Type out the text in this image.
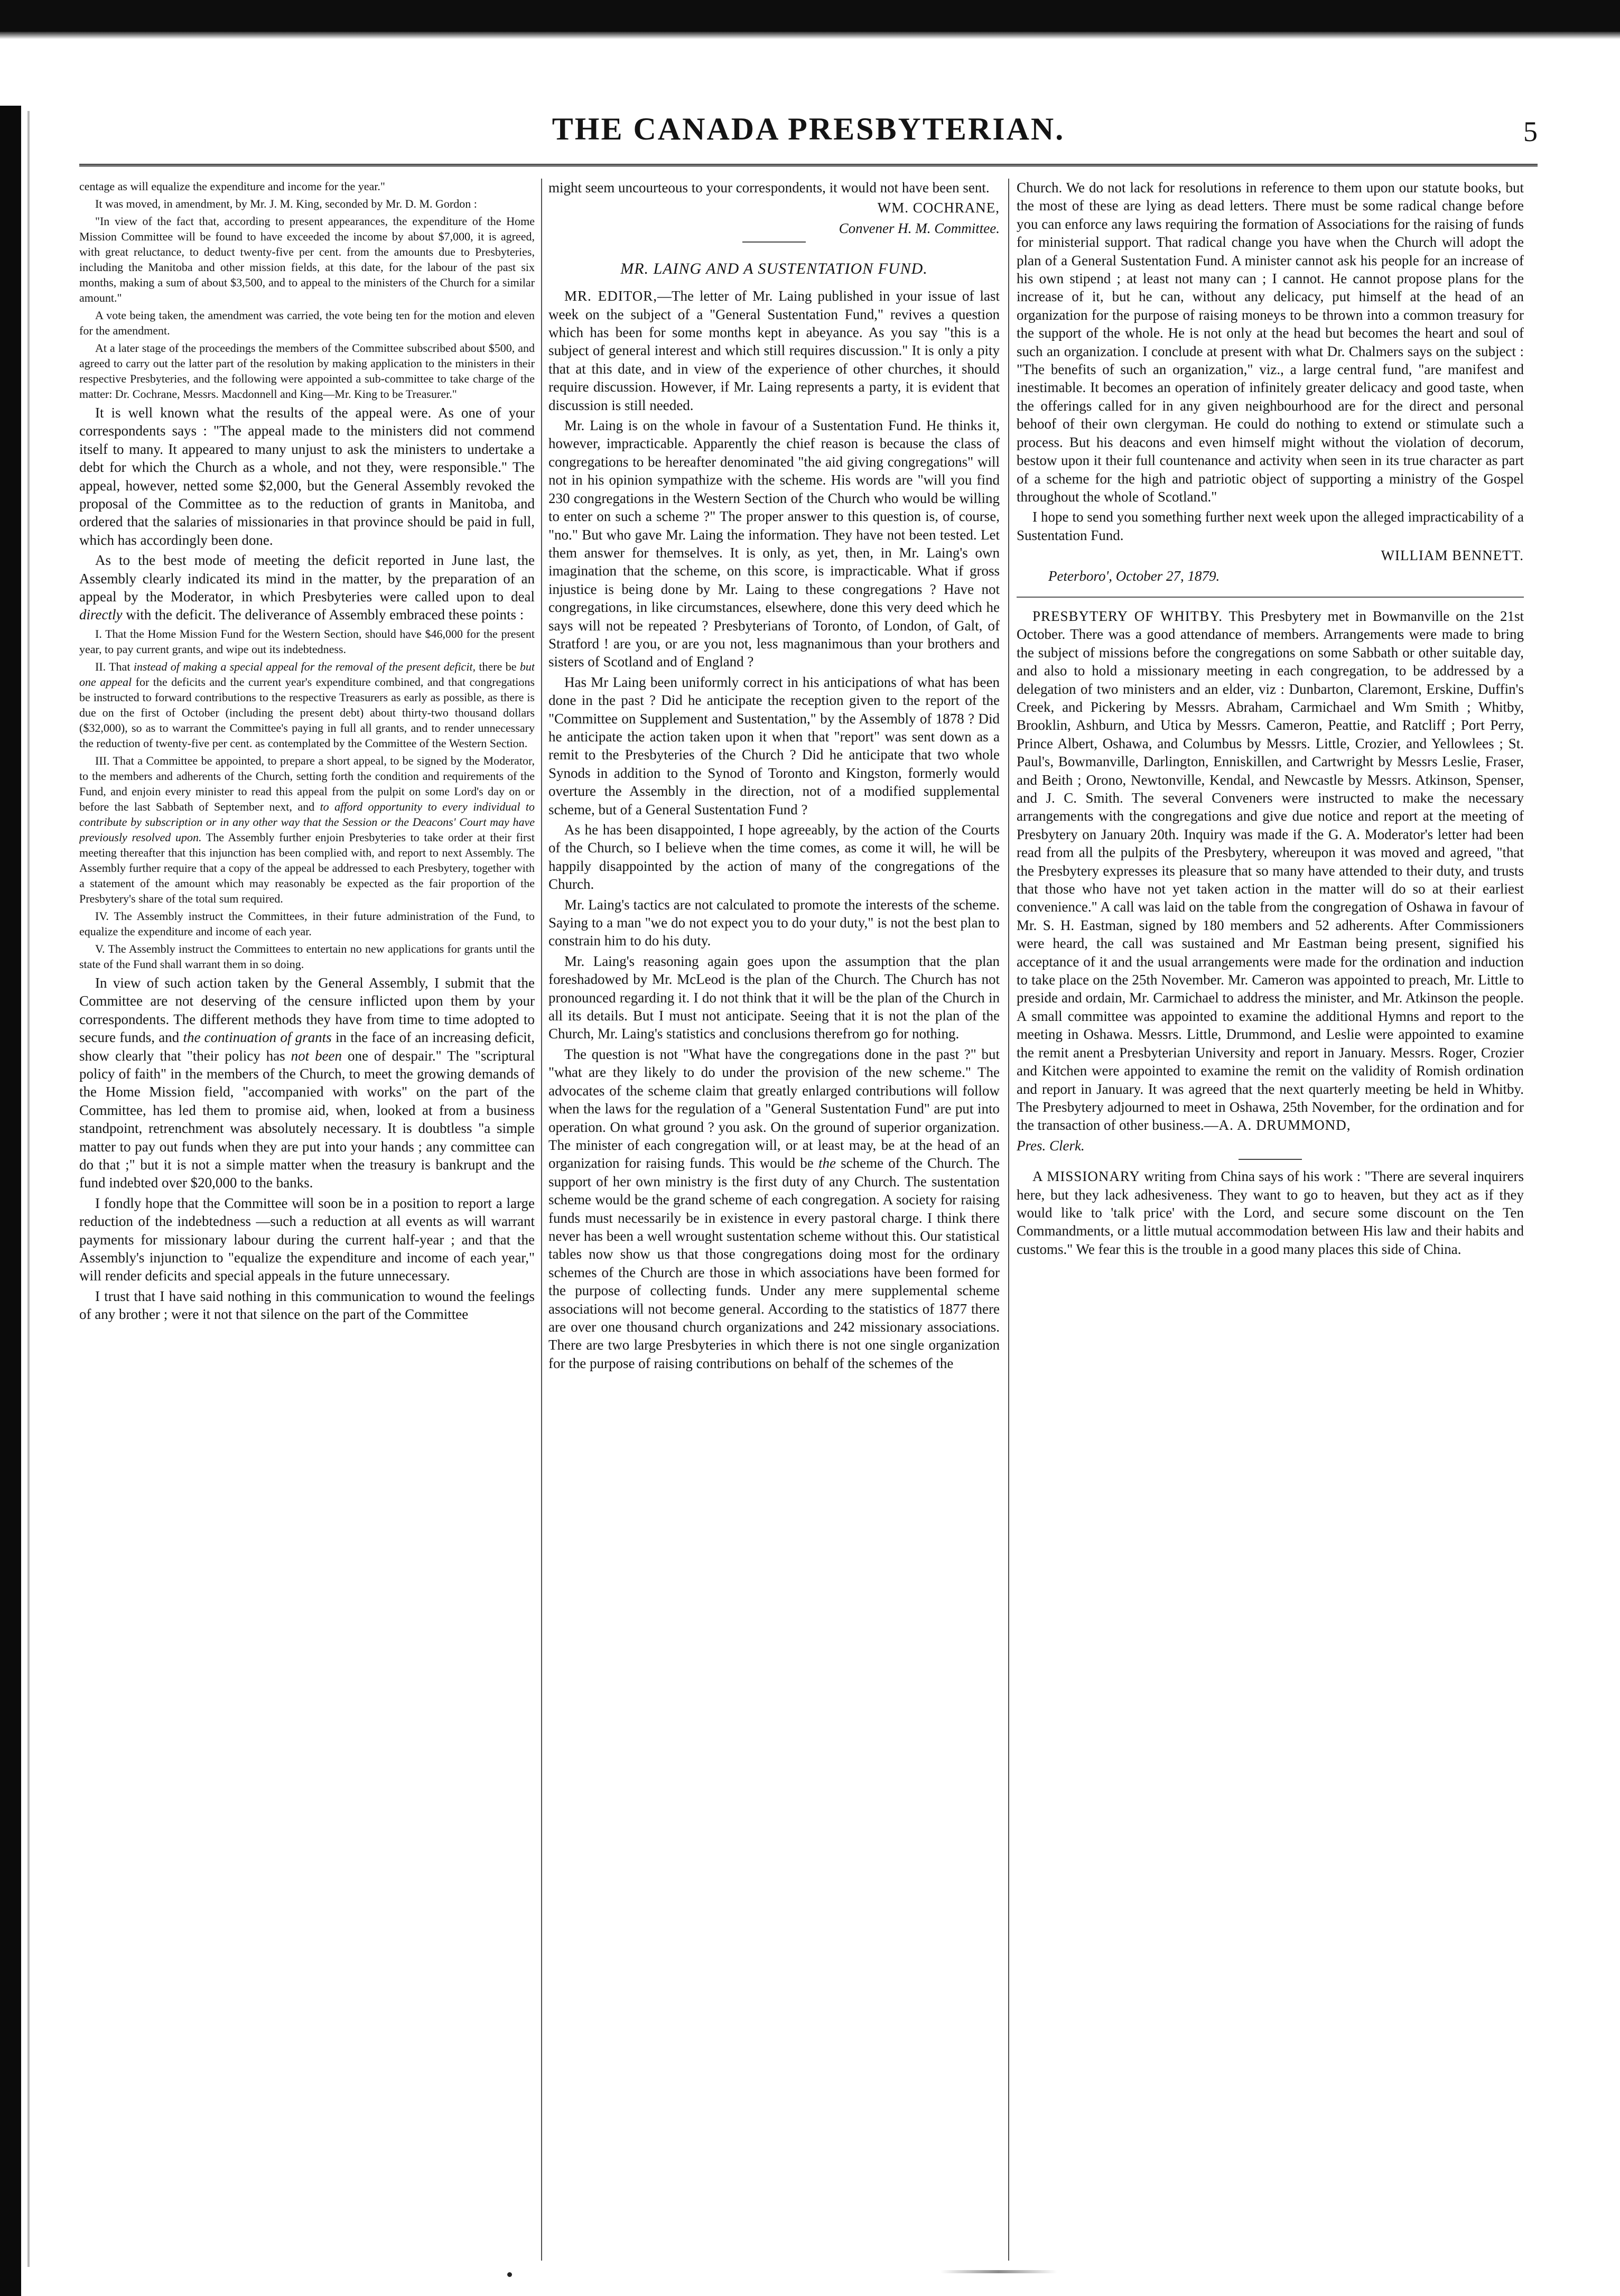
THE CANADA PRESBYTERIAN.	5

centage as will equalize the expenditure and income for the year."

It was moved, in amendment, by Mr. J. M. King, seconded by Mr. D. M. Gordon :

"In view of the fact that, according to present appearances, the expenditure of the Home Mission Committee will be found to have exceeded the income by about $7,000, it is agreed, with great reluctance, to deduct twenty-five per cent. from the amounts due to Presbyteries, including the Manitoba and other mission fields, at this date, for the labour of the past six months, making a sum of about $3,500, and to appeal to the ministers of the Church for a similar amount."

A vote being taken, the amendment was carried, the vote being ten for the motion and eleven for the amendment.

At a later stage of the proceedings the members of the Committee subscribed about $500, and agreed to carry out the latter part of the resolution by making application to the ministers in their respective Presbyteries, and the following were appointed a sub-committee to take charge of the matter: Dr. Cochrane, Messrs. Macdonnell and King—Mr. King to be Treasurer."

It is well known what the results of the appeal were. As one of your correspondents says : "The appeal made to the ministers did not commend itself to many. It appeared to many unjust to ask the ministers to undertake a debt for which the Church as a whole, and not they, were responsible." The appeal, however, netted some $2,000, but the General Assembly revoked the proposal of the Committee as to the reduction of grants in Manitoba, and ordered that the salaries of missionaries in that province should be paid in full, which has accordingly been done.

As to the best mode of meeting the deficit reported in June last, the Assembly clearly indicated its mind in the matter, by the preparation of an appeal by the Moderator, in which Presbyteries were called upon to deal directly with the deficit. The deliverance of Assembly embraced these points :

I. That the Home Mission Fund for the Western Section, should have $46,000 for the present year, to pay current grants, and wipe out its indebtedness.

II. That instead of making a special appeal for the removal of the present deficit, there be but one appeal for the deficits and the current year's expenditure combined, and that congregations be instructed to forward contributions to the respective Treasurers as early as possible, as there is due on the first of October (including the present debt) about thirty-two thousand dollars ($32,000), so as to warrant the Committee's paying in full all grants, and to render unnecessary the reduction of twenty-five per cent. as contemplated by the Committee of the Western Section.

III. That a Committee be appointed, to prepare a short appeal, to be signed by the Moderator, to the members and adherents of the Church, setting forth the condition and requirements of the Fund, and enjoin every minister to read this appeal from the pulpit on some Lord's day on or before the last Sabbath of September next, and to afford opportunity to every individual to contribute by subscription or in any other way that the Session or the Deacons' Court may have previously resolved upon. The Assembly further enjoin Presbyteries to take order at their first meeting thereafter that this injunction has been complied with, and report to next Assembly. The Assembly further require that a copy of the appeal be addressed to each Presbytery, together with a statement of the amount which may reasonably be expected as the fair proportion of the Presbytery's share of the total sum required.

IV. The Assembly instruct the Committees, in their future administration of the Fund, to equalize the expenditure and income of each year.

V. The Assembly instruct the Committees to entertain no new applications for grants until the state of the Fund shall warrant them in so doing.

In view of such action taken by the General Assembly, I submit that the Committee are not deserving of the censure inflicted upon them by your correspondents. The different methods they have from time to time adopted to secure funds, and the continuation of grants in the face of an increasing deficit, show clearly that "their policy has not been one of despair." The "scriptural policy of faith" in the members of the Church, to meet the growing demands of the Home Mission field, "accompanied with works" on the part of the Committee, has led them to promise aid, when, looked at from a business standpoint, retrenchment was absolutely necessary. It is doubtless "a simple matter to pay out funds when they are put into your hands ; any committee can do that ;" but it is not a simple matter when the treasury is bankrupt and the fund indebted over $20,000 to the banks.

I fondly hope that the Committee will soon be in a position to report a large reduction of the indebtedness —such a reduction at all events as will warrant payments for missionary labour during the current half-year ; and that the Assembly's injunction to "equalize the expenditure and income of each year," will render deficits and special appeals in the future unnecessary.

I trust that I have said nothing in this communication to wound the feelings of any brother ; were it not that silence on the part of the Committee

might seem uncourteous to your correspondents, it would not have been sent.

WM. COCHRANE,

Convener H. M. Committee.

MR. LAING AND A SUSTENTATION FUND.

MR. EDITOR,—The letter of Mr. Laing published in your issue of last week on the subject of a "General Sustentation Fund," revives a question which has been for some months kept in abeyance. As you say "this is a subject of general interest and which still requires discussion." It is only a pity that at this date, and in view of the experience of other churches, it should require discussion. However, if Mr. Laing represents a party, it is evident that discussion is still needed.

Mr. Laing is on the whole in favour of a Sustentation Fund. He thinks it, however, impracticable. Apparently the chief reason is because the class of congregations to be hereafter denominated "the aid giving congregations" will not in his opinion sympathize with the scheme. His words are "will you find 230 congregations in the Western Section of the Church who would be willing to enter on such a scheme ?" The proper answer to this question is, of course, "no." But who gave Mr. Laing the information. They have not been tested. Let them answer for themselves. It is only, as yet, then, in Mr. Laing's own imagination that the scheme, on this score, is impracticable. What if gross injustice is being done by Mr. Laing to these congregations ? Have not congregations, in like circumstances, elsewhere, done this very deed which he says will not be repeated ? Presbyterians of Toronto, of London, of Galt, of Stratford ! are you, or are you not, less magnanimous than your brothers and sisters of Scotland and of England ?

Has Mr Laing been uniformly correct in his anticipations of what has been done in the past ? Did he anticipate the reception given to the report of the "Committee on Supplement and Sustentation," by the Assembly of 1878 ? Did he anticipate the action taken upon it when that "report" was sent down as a remit to the Presbyteries of the Church ? Did he anticipate that two whole Synods in addition to the Synod of Toronto and Kingston, formerly would overture the Assembly in the direction, not of a modified supplemental scheme, but of a General Sustentation Fund ?

As he has been disappointed, I hope agreeably, by the action of the Courts of the Church, so I believe when the time comes, as come it will, he will be happily disappointed by the action of many of the congregations of the Church.

Mr. Laing's tactics are not calculated to promote the interests of the scheme. Saying to a man "we do not expect you to do your duty," is not the best plan to constrain him to do his duty.

Mr. Laing's reasoning again goes upon the assumption that the plan foreshadowed by Mr. McLeod is the plan of the Church. The Church has not pronounced regarding it. I do not think that it will be the plan of the Church in all its details. But I must not anticipate. Seeing that it is not the plan of the Church, Mr. Laing's statistics and conclusions therefrom go for nothing.

The question is not "What have the congregations done in the past ?" but "what are they likely to do under the provision of the new scheme." The advocates of the scheme claim that greatly enlarged contributions will follow when the laws for the regulation of a "General Sustentation Fund" are put into operation. On what ground ? you ask. On the ground of superior organization. The minister of each congregation will, or at least may, be at the head of an organization for raising funds. This would be the scheme of the Church. The support of her own ministry is the first duty of any Church. The sustentation scheme would be the grand scheme of each congregation. A society for raising funds must necessarily be in existence in every pastoral charge. I think there never has been a well wrought sustentation scheme without this. Our statistical tables now show us that those congregations doing most for the ordinary schemes of the Church are those in which associations have been formed for the purpose of collecting funds. Under any mere supplemental scheme associations will not become general. According to the statistics of 1877 there are over one thousand church organizations and 242 missionary associations. There are two large Presbyteries in which there is not one single organization for the purpose of raising contributions on behalf of the schemes of the

Church. We do not lack for resolutions in reference to them upon our statute books, but the most of these are lying as dead letters. There must be some radical change before you can enforce any laws requiring the formation of Associations for the raising of funds for ministerial support. That radical change you have when the Church will adopt the plan of a General Sustentation Fund. A minister cannot ask his people for an increase of his own stipend ; at least not many can ; I cannot. He cannot propose plans for the increase of it, but he can, without any delicacy, put himself at the head of an organization for the purpose of raising moneys to be thrown into a common treasury for the support of the whole. He is not only at the head but becomes the heart and soul of such an organization. I conclude at present with what Dr. Chalmers says on the subject : "The benefits of such an organization," viz., a large central fund, "are manifest and inestimable. It becomes an operation of infinitely greater delicacy and good taste, when the offerings called for in any given neighbourhood are for the direct and personal behoof of their own clergyman. He could do nothing to extend or stimulate such a process. But his deacons and even himself might without the violation of decorum, bestow upon it their full countenance and activity when seen in its true character as part of a scheme for the high and patriotic object of supporting a ministry of the Gospel throughout the whole of Scotland."

I hope to send you something further next week upon the alleged impracticability of a Sustentation Fund.

WILLIAM BENNETT.

Peterboro', October 27, 1879.

PRESBYTERY OF WHITBY. This Presbytery met in Bowmanville on the 21st October. There was a good attendance of members. Arrangements were made to bring the subject of missions before the congregations on some Sabbath or other suitable day, and also to hold a missionary meeting in each congregation, to be addressed by a delegation of two ministers and an elder, viz : Dunbarton, Claremont, Erskine, Duffin's Creek, and Pickering by Messrs. Abraham, Carmichael and Wm Smith ; Whitby, Brooklin, Ashburn, and Utica by Messrs. Cameron, Peattie, and Ratcliff ; Port Perry, Prince Albert, Oshawa, and Columbus by Messrs. Little, Crozier, and Yellowlees ; St. Paul's, Bowmanville, Darlington, Enniskillen, and Cartwright by Messrs Leslie, Fraser, and Beith ; Orono, Newtonville, Kendal, and Newcastle by Messrs. Atkinson, Spenser, and J. C. Smith. The several Conveners were instructed to make the necessary arrangements with the congregations and give due notice and report at the meeting of Presbytery on January 20th. Inquiry was made if the G. A. Moderator's letter had been read from all the pulpits of the Presbytery, whereupon it was moved and agreed, "that the Presbytery expresses its pleasure that so many have attended to their duty, and trusts that those who have not yet taken action in the matter will do so at their earliest convenience." A call was laid on the table from the congregation of Oshawa in favour of Mr. S. H. Eastman, signed by 180 members and 52 adherents. After Commissioners were heard, the call was sustained and Mr Eastman being present, signified his acceptance of it and the usual arrangements were made for the ordination and induction to take place on the 25th November. Mr. Cameron was appointed to preach, Mr. Little to preside and ordain, Mr. Carmichael to address the minister, and Mr. Atkinson the people. A small committee was appointed to examine the additional Hymns and report to the meeting in Oshawa. Messrs. Little, Drummond, and Leslie were appointed to examine the remit anent a Presbyterian University and report in January. Messrs. Roger, Crozier and Kitchen were appointed to examine the remit on the validity of Romish ordination and report in January. It was agreed that the next quarterly meeting be held in Whitby. The Presbytery adjourned to meet in Oshawa, 25th November, for the ordination and for the transaction of other business.—A. A. DRUMMOND,

Pres. Clerk.

A MISSIONARY writing from China says of his work : "There are several inquirers here, but they lack adhesiveness. They want to go to heaven, but they act as if they would like to 'talk price' with the Lord, and secure some discount on the Ten Commandments, or a little mutual accommodation between His law and their habits and customs." We fear this is the trouble in a good many places this side of China.
